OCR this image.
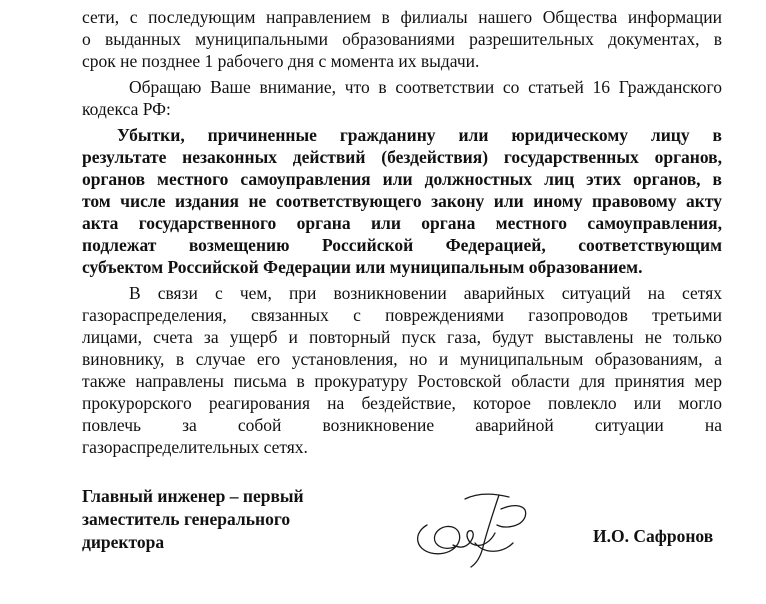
сети, с последующим направлением в филиалы нашего Общества информации
о выданных муниципальными образованиями разрешительных документах, в
срок не позднее 1 рабочего дня с момента их выдачи.
Обращаю Ваше внимание, что в соответствии со статьей 16 Гражданского
кодекса РФ:
Убытки, причиненные гражданину или юридическому лицу в
результате незаконных действий (бездействия) государственных органов,
органов местного самоуправления или должностных лиц этих органов, в
том числе издания не соответствующего закону или иному правовому акту
акта государственного органа или органа местного самоуправления,
подлежат возмещению Российской Федерацией, соответствующим
субъектом Российской Федерации или муниципальным образованием.
В связи с чем, при возникновении аварийных ситуаций на сетях
газораспределения, связанных с повреждениями газопроводов третьими
лицами, счета за ущерб и повторный пуск газа, будут выставлены не только
виновнику, в случае его установления, но и муниципальным образованиям, а
также направлены письма в прокуратуру Ростовской области для принятия мер
прокурорского реагирования на бездействие, которое повлекло или могло
повлечь за собой возникновение аварийной ситуации на
газораспределительных сетях.
Главный инженер – первый
заместитель генерального
директора	И.О. Сафронов
